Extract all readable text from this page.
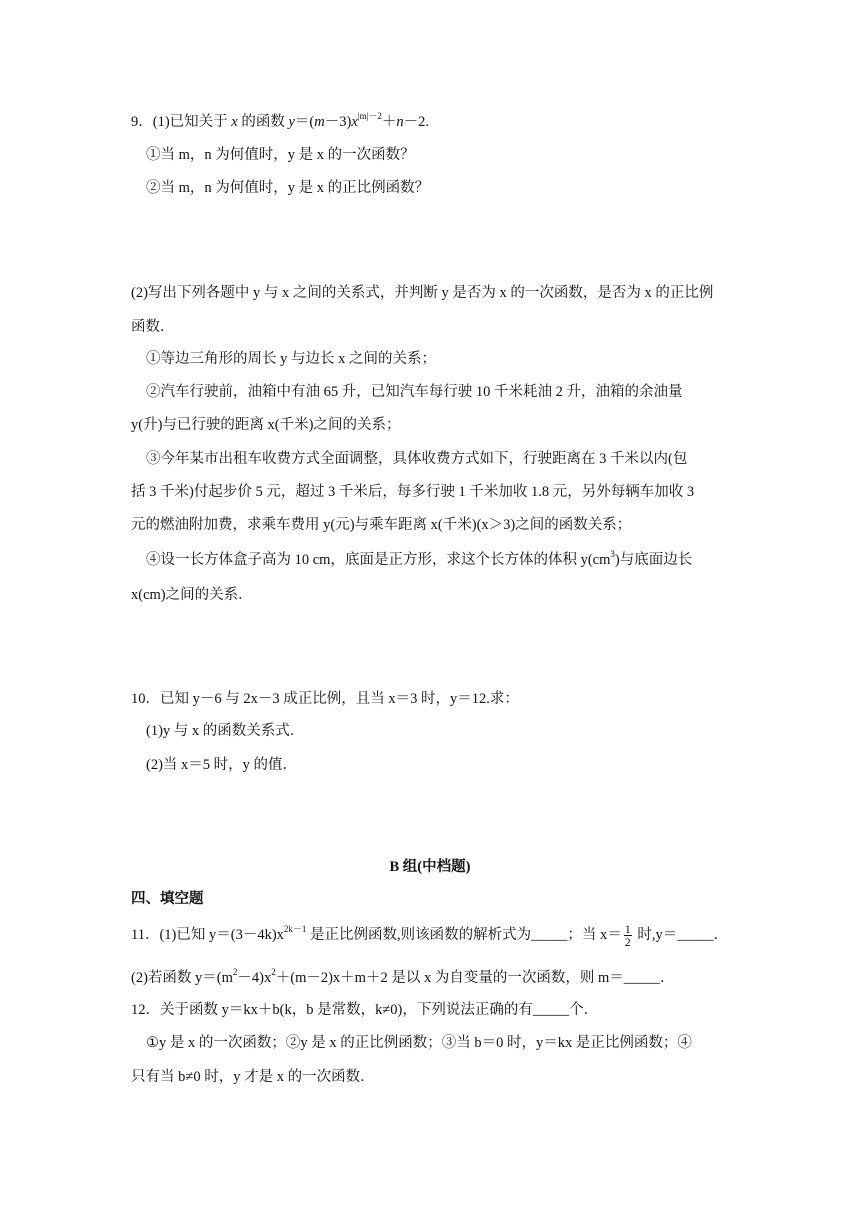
9．(1)已知关于 x 的函数 $y=(m-3)x^{|m|-2}+n-2$.
①当 m，n 为何值时，y 是 x 的一次函数？
②当 m，n 为何值时，y 是 x 的正比例函数？
(2)写出下列各题中 y 与 x 之间的关系式，并判断 y 是否为 x 的一次函数，是否为 x 的正比例
函数．
①等边三角形的周长 y 与边长 x 之间的关系；
②汽车行驶前，油箱中有油 65 升，已知汽车每行驶 10 千米耗油 2 升，油箱的余油量
y(升)与已行驶的距离 x(千米)之间的关系；
③今年某市出租车收费方式全面调整，具体收费方式如下，行驶距离在 3 千米以内(包
括 3 千米)付起步价 5 元，超过 3 千米后，每多行驶 1 千米加收 1.8 元，另外每辆车加收 3
元的燃油附加费，求乘车费用 y(元)与乘车距离 x(千米)(x＞3)之间的函数关系；
④设一长方体盒子高为 10 cm，底面是正方形，求这个长方体的体积 $y(cm^3)$与底面边长
x(cm)之间的关系．
10．已知 y－6 与 2x－3 成正比例，且当 x＝3 时，y＝12.求：
(1)y 与 x 的函数关系式．
(2)当 x＝5 时，y 的值．
B 组(中档题)
四、填空题
11．(1)已知 $y=(3-4k)x^{2k-1}$ 是正比例函数,则该函数的解析式为_____；当 $x= \frac{1}{2}$ 时,y＝_____．
(2)若函数 $y=(m^2-4)x^2+(m-2)x+m+2$ 是以 x 为自变量的一次函数，则 m＝_____．
12．关于函数 y＝kx＋b(k，b 是常数，k≠0)，下列说法正确的有_____个．
①y 是 x 的一次函数；②y 是 x 的正比例函数；③当 b＝0 时，y＝kx 是正比例函数；④
只有当 b≠0 时，y 才是 x 的一次函数．
